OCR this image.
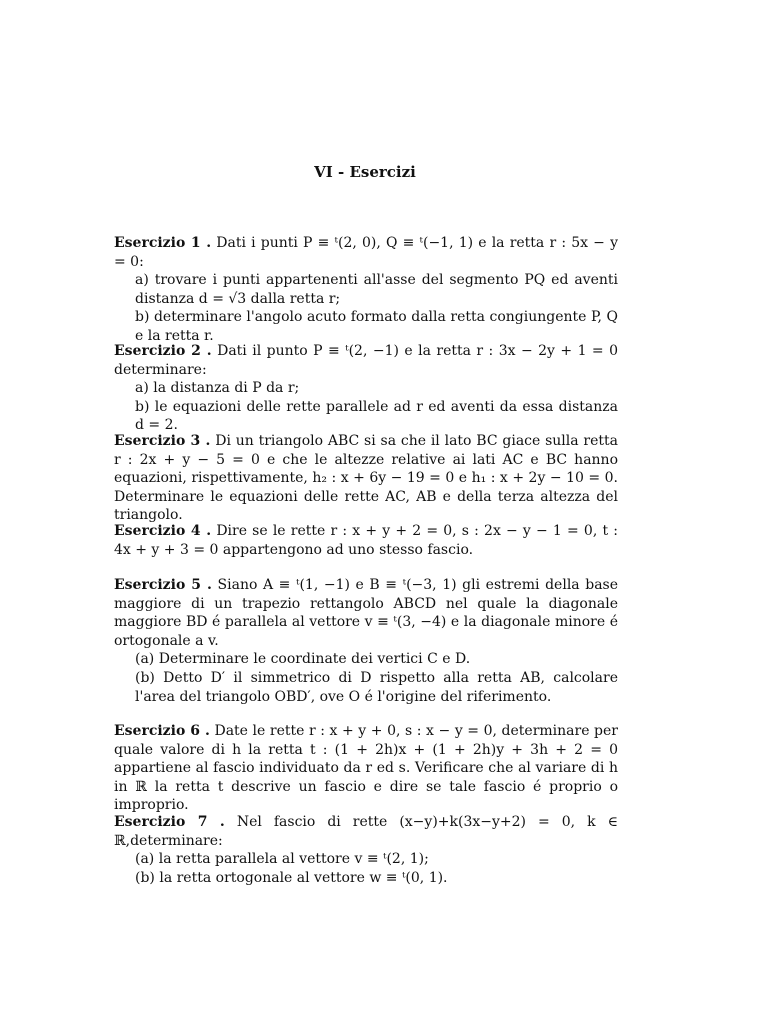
VI - Esercizi
Esercizio 1 . Dati i punti P ≡ ᵗ(2, 0), Q ≡ ᵗ(−1, 1) e la retta r : 5x − y = 0:
a) trovare i punti appartenenti all'asse del segmento PQ ed aventi distanza d = √3 dalla retta r;
b) determinare l'angolo acuto formato dalla retta congiungente P, Q e la retta r.
Esercizio 2 . Dati il punto P ≡ ᵗ(2, −1) e la retta r : 3x − 2y + 1 = 0 determinare:
a) la distanza di P da r;
b) le equazioni delle rette parallele ad r ed aventi da essa distanza d = 2.
Esercizio 3 . Di un triangolo ABC si sa che il lato BC giace sulla retta r : 2x + y − 5 = 0 e che le altezze relative ai lati AC e BC hanno equazioni, rispettivamente, h₂ : x + 6y − 19 = 0 e h₁ : x + 2y − 10 = 0. Determinare le equazioni delle rette AC, AB e della terza altezza del triangolo.
Esercizio 4 . Dire se le rette r : x + y + 2 = 0, s : 2x − y − 1 = 0, t : 4x + y + 3 = 0 appartengono ad uno stesso fascio.
Esercizio 5 . Siano A ≡ ᵗ(1, −1) e B ≡ ᵗ(−3, 1) gli estremi della base maggiore di un trapezio rettangolo ABCD nel quale la diagonale maggiore BD é parallela al vettore v ≡ ᵗ(3, −4) e la diagonale minore é ortogonale a v.
(a) Determinare le coordinate dei vertici C e D.
(b) Detto D′ il simmetrico di D rispetto alla retta AB, calcolare l'area del triangolo OBD′, ove O é l'origine del riferimento.
Esercizio 6 . Date le rette r : x + y + 0, s : x − y = 0, determinare per quale valore di h la retta t : (1 + 2h)x + (1 + 2h)y + 3h + 2 = 0 appartiene al fascio individuato da r ed s. Verificare che al variare di h in ℝ la retta t descrive un fascio e dire se tale fascio é proprio o improprio.
Esercizio 7 . Nel fascio di rette (x−y)+k(3x−y+2) = 0, k ∈ ℝ,determinare:
(a) la retta parallela al vettore v ≡ ᵗ(2, 1);
(b) la retta ortogonale al vettore w ≡ ᵗ(0, 1).
